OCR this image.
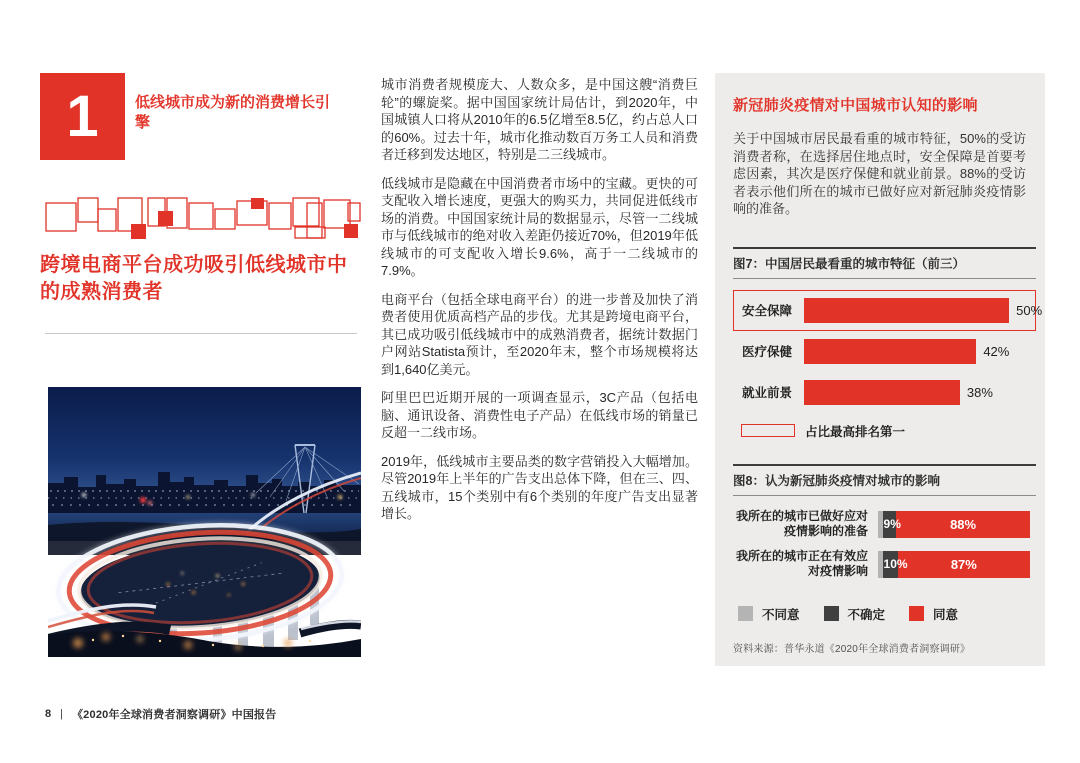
1	低线城市成为新的消费增长引擎
跨境电商平台成功吸引低线城市中的成熟消费者

城市消费者规模庞大、人数众多，是中国这艘“消费巨轮”的螺旋桨。据中国国家统计局估计，到2020年，中国城镇人口将从2010年的6.5亿增至8.5亿，约占总人口的60%。过去十年，城市化推动数百万务工人员和消费者迁移到发达地区，特别是二三线城市。

低线城市是隐藏在中国消费者市场中的宝藏。更快的可支配收入增长速度，更强大的购买力，共同促进低线市场的消费。中国国家统计局的数据显示，尽管一二线城市与低线城市的绝对收入差距仍接近70%，但2019年低线城市的可支配收入增长9.6%，高于一二线城市的7.9%。

电商平台（包括全球电商平台）的进一步普及加快了消费者使用优质高档产品的步伐。尤其是跨境电商平台，其已成功吸引低线城市中的成熟消费者，据统计数据门户网站Statista预计，至2020年末，整个市场规模将达到1,640亿美元。

阿里巴巴近期开展的一项调查显示，3C产品（包括电脑、通讯设备、消费性电子产品）在低线市场的销量已反超一二线市场。

2019年，低线城市主要品类的数字营销投入大幅增加。尽管2019年上半年的广告支出总体下降，但在三、四、五线城市，15个类别中有6个类别的年度广告支出显著增长。

新冠肺炎疫情对中国城市认知的影响
关于中国城市居民最看重的城市特征，50%的受访消费者称，在选择居住地点时，安全保障是首要考虑因素，其次是医疗保健和就业前景。88%的受访者表示他们所在的城市已做好应对新冠肺炎疫情影响的准备。
图7：中国居民最看重的城市特征（前三）
安全保障	50%
医疗保健	42%
就业前景	38%
占比最高排名第一
图8：认为新冠肺炎疫情对城市的影响
我所在的城市已做好应对疫情影响的准备 9%	88%
我所在的城市正在有效应对疫情影响 10%	87%
不同意	不确定	同意
资料来源：普华永道《2020年全球消费者洞察调研》
8 | 《2020年全球消费者洞察调研》中国报告
